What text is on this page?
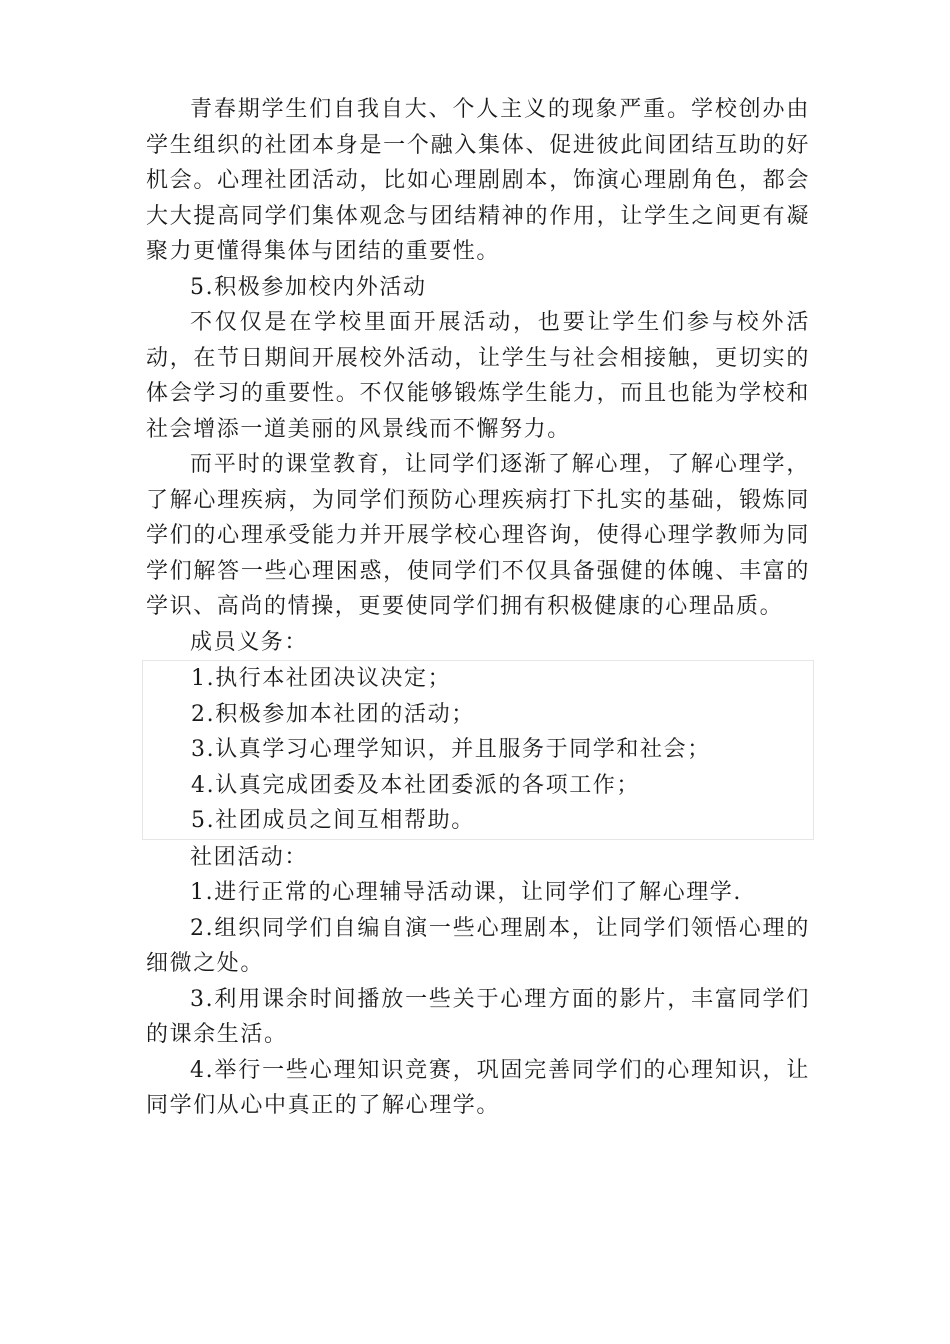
青春期学生们自我自大、个人主义的现象严重。学校创办由学生组织的社团本身是一个融入集体、促进彼此间团结互助的好机会。心理社团活动，比如心理剧剧本，饰演心理剧角色，都会大大提高同学们集体观念与团结精神的作用，让学生之间更有凝聚力更懂得集体与团结的重要性。

5.积极参加校内外活动

不仅仅是在学校里面开展活动，也要让学生们参与校外活动，在节日期间开展校外活动，让学生与社会相接触，更切实的体会学习的重要性。不仅能够锻炼学生能力，而且也能为学校和社会增添一道美丽的风景线而不懈努力。

而平时的课堂教育，让同学们逐渐了解心理，了解心理学，了解心理疾病，为同学们预防心理疾病打下扎实的基础，锻炼同学们的心理承受能力并开展学校心理咨询，使得心理学教师为同学们解答一些心理困惑，使同学们不仅具备强健的体魄、丰富的学识、高尚的情操，更要使同学们拥有积极健康的心理品质。

成员义务：

1.执行本社团决议决定；

2.积极参加本社团的活动；

3.认真学习心理学知识，并且服务于同学和社会；

4.认真完成团委及本社团委派的各项工作；

5.社团成员之间互相帮助。

社团活动：

1.进行正常的心理辅导活动课，让同学们了解心理学.

2.组织同学们自编自演一些心理剧本，让同学们领悟心理的细微之处。

3.利用课余时间播放一些关于心理方面的影片，丰富同学们的课余生活。

4.举行一些心理知识竞赛，巩固完善同学们的心理知识，让同学们从心中真正的了解心理学。
